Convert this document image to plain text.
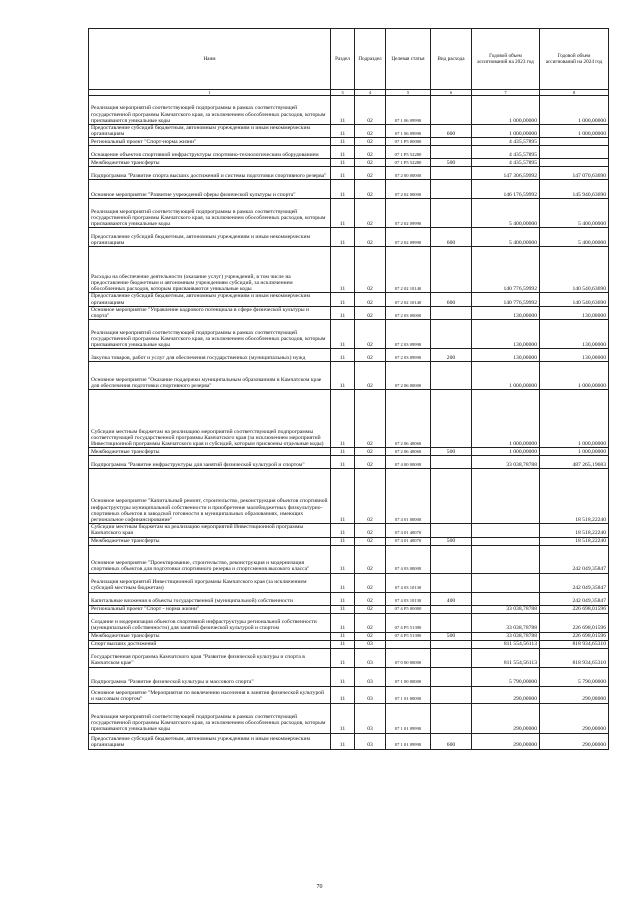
Наим	Раздел	Подраздел	Целевая статья	Вид расхода	Годовой объем ассигнований на 2023 год	Годовой объем ассигнований на 2024 год
1	3	4	5	6	7	8
Реализация мероприятий соответствующей подпрограммы в рамках соответствующей государственной программы Камчатского края, за исключением обособленных расходов, которым присваиваются уникальные коды	11	02	07 1 06 09990		1 000,00000	1 000,00000
Предоставление субсидий бюджетным, автономным учреждениям и иным некоммерческим организациям	11	02	07 1 06 09990	600	1 000,00000	1 000,00000
Региональный проект "Спорт-норма жизни"	11	02	07 1 P5 00000		4 435,57895	
Оснащение объектов спортивной инфраструктуры спортивно-технологическим оборудованием	11	02	07 1 P5 52280		4 435,57895	
Межбюджетные трансферты	11	02	07 1 P5 52280	500	4 435,57895	
Подпрограмма "Развитие спорта высших достижений и системы подготовки спортивного резерва"	11	02	07 2 00 00000		147 306,59992	147 070,63690
Основное мероприятие "Развитие учреждений сферы физической культуры и спорта"	11	02	07 2 02 00000		146 176,59992	145 940,63690
Реализация мероприятий соответствующей подпрограммы в рамках соответствующей государственной программы Камчатского края, за исключением обособленных расходов, которым присваиваются уникальные коды	11	02	07 2 02 09990		5 400,00000	5 400,00000
Предоставление субсидий бюджетным, автономным учреждениям и иным некоммерческим организациям	11	02	07 2 02 09990	600	5 400,00000	5 400,00000
Расходы на обеспечение деятельности (оказание услуг) учреждений, в том числе на предоставление бюджетным и автономным учреждениям субсидий, за исключением обособленных расходов, которым присваиваются уникальные коды	11	02	07 2 02 10140		140 776,59992	140 540,63690
Предоставление субсидий бюджетным, автономным учреждениям и иным некоммерческим организациям	11	02	07 2 02 10140	600	140 776,59992	140 540,63690
Основное мероприятие "Управление кадрового потенциала в сфере физической культуры и спорта"	11	02	07 2 03 00000		130,00000	130,00000
Реализация мероприятий соответствующей подпрограммы в рамках соответствующей государственной программы Камчатского края, за исключением обособленных расходов, которым присваиваются уникальные коды	11	02	07 2 03 09990		130,00000	130,00000
Закупка товаров, работ и услуг для обеспечения государственных (муниципальных) нужд	11	02	07 2 03 09990	200	130,00000	130,00000
Основное мероприятие "Оказание поддержки муниципальным образованиям в Камчатском крае для обеспечения подготовки спортивного резерва"	11	02	07 2 06 00000		1 000,00000	1 000,00000
Субсидии местным бюджетам на реализацию мероприятий соответствующей подпрограммы соответствующей государственной программы Камчатского края (за исключением мероприятий Инвестиционной программы Камчатского края и субсидий, которым присвоены отдельные коды)	11	02	07 2 06 40060		1 000,00000	1 000,00000
Межбюджетные трансферты	11	02	07 2 06 40060	500	1 000,00000	1 000,00000
Подпрограмма "Развитие инфраструктуры для занятий физической культурой и спортом"	11	02	07 4 00 00000		33 038,78788	487 265,19683
Основное мероприятие "Капитальный ремонт, строительство, реконструкция объектов спортивной инфраструктуры муниципальной собственности и приобретение малобюджетных физкультурно-спортивных объектов в заводской готовности в муниципальных образованиях, имеющих региональное софинансирование"	11	02	07 4 01 00000			18 518,22240
Субсидии местным бюджетам на реализацию мероприятий Инвестиционной программы Камчатского края	11	02	07 4 01 40070			18 518,22240
Межбюджетные трансферты	11	02	07 4 01 40070	500		18 518,22240
Основное мероприятие "Проектирование, строительство, реконструкция и модернизация спортивных объектов для подготовки спортивного резерва и спортсменов высокого класса"	11	02	07 4 03 00000			242 049,35847
Реализация мероприятий Инвестиционной программы Камчатского края (за исключением субсидий местным бюджетам)	11	02	07 4 03 10130			242 049,35847
Капитальные вложения в объекты государственной (муниципальной) собственности	11	02	07 4 03 10130	400		242 049,35847
Региональный проект "Спорт - норма жизни"	11	02	07 4 P5 00000		33 038,78788	226 698,01596
Создание и модернизация объектов спортивной инфраструктуры региональной собственности (муниципальной собственности) для занятий физической культурой и спортом	11	02	07 4 P5 51390		33 038,78788	226 698,01596
Межбюджетные трансферты	11	02	07 4 P5 51390	500	33 038,78788	226 698,01596
Спорт высших достижений	11	03			811 554,56113	818 934,65310
Государственная программа Камчатского края "Развитие физической культуры и спорта в Камчатском крае"	11	03	07 0 00 00000		811 554,56113	818 934,65310
Подпрограмма "Развитие физической культуры и массового спорта"	11	03	07 1 00 00000		5 790,00000	5 790,00000
Основное мероприятие "Мероприятия по вовлечению населения в занятия физической культурой и массовым спортом"	11	03	07 1 01 00000		290,00000	290,00000
Реализация мероприятий соответствующей подпрограммы в рамках соответствующей государственной программы Камчатского края, за исключением обособленных расходов, которым присваиваются уникальные коды	11	03	07 1 01 09990		290,00000	290,00000
Предоставление субсидий бюджетным, автономным учреждениям и иным некоммерческим организациям	11	03	07 1 01 09990	600	290,00000	290,00000
70
